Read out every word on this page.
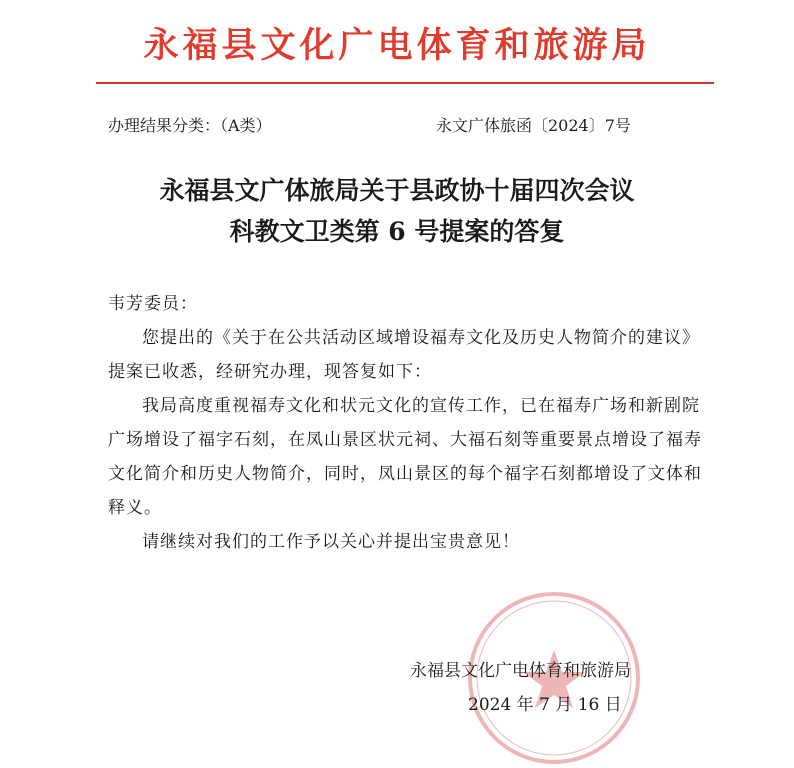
永福县文化广电体育和旅游局
办理结果分类：（A类）	永文广体旅函〔2024〕7号
永福县文广体旅局关于县政协十届四次会议
科教文卫类第 6 号提案的答复

韦芳委员：

您提出的《关于在公共活动区域增设福寿文化及历史人物简介的建议》提案已收悉，经研究办理，现答复如下：

我局高度重视福寿文化和状元文化的宣传工作，已在福寿广场和新剧院广场增设了福字石刻，在凤山景区状元祠、大福石刻等重要景点增设了福寿文化简介和历史人物简介，同时，凤山景区的每个福字石刻都增设了文体和释义。

请继续对我们的工作予以关心并提出宝贵意见！

永福县文化广电体育和旅游局
2024 年 7 月 16 日
